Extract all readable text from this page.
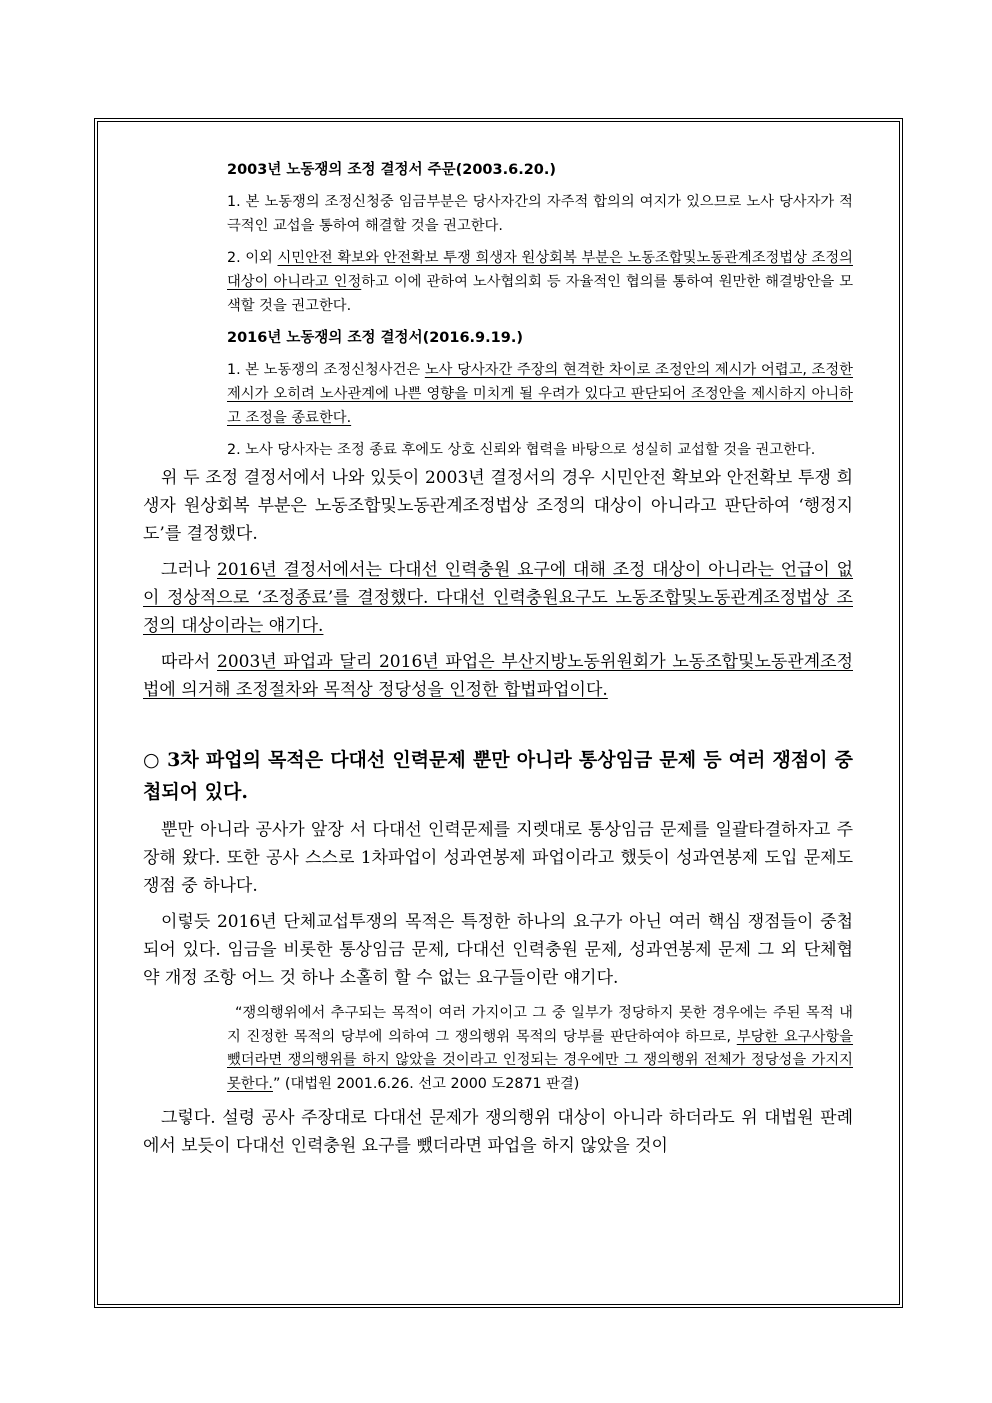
2003년 노동쟁의 조정 결정서 주문(2003.6.20.)

1. 본 노동쟁의 조정신청중 임금부분은 당사자간의 자주적 합의의 여지가 있으므로 노사 당사자가 적극적인 교섭을 통하여 해결할 것을 권고한다.

2. 이외 시민안전 확보와 안전확보 투쟁 희생자 원상회복 부분은 노동조합및노동관계조정법상 조정의 대상이 아니라고 인정하고 이에 관하여 노사협의회 등 자율적인 협의를 통하여 원만한 해결방안을 모색할 것을 권고한다.

2016년 노동쟁의 조정 결정서(2016.9.19.)

1. 본 노동쟁의 조정신청사건은 노사 당사자간 주장의 현격한 차이로 조정안의 제시가 어렵고, 조정한 제시가 오히려 노사관계에 나쁜 영향을 미치게 될 우려가 있다고 판단되어 조정안을 제시하지 아니하고 조정을 종료한다.

2. 노사 당사자는 조정 종료 후에도 상호 신뢰와 협력을 바탕으로 성실히 교섭할 것을 권고한다.

위 두 조정 결정서에서 나와 있듯이 2003년 결정서의 경우 시민안전 확보와 안전확보 투쟁 희생자 원상회복 부분은 노동조합및노동관계조정법상 조정의 대상이 아니라고 판단하여 ‘행정지도’를 결정했다.

그러나 2016년 결정서에서는 다대선 인력충원 요구에 대해 조정 대상이 아니라는 언급이 없이 정상적으로 ‘조정종료’를 결정했다. 다대선 인력충원요구도 노동조합및노동관계조정법상 조정의 대상이라는 얘기다.

따라서 2003년 파업과 달리 2016년 파업은 부산지방노동위원회가 노동조합및노동관계조정법에 의거해 조정절차와 목적상 정당성을 인정한 합법파업이다.

○ 3차 파업의 목적은 다대선 인력문제 뿐만 아니라 통상임금 문제 등 여러 쟁점이 중첩되어 있다.

뿐만 아니라 공사가 앞장 서 다대선 인력문제를 지렛대로 통상임금 문제를 일괄타결하자고 주장해 왔다. 또한 공사 스스로 1차파업이 성과연봉제 파업이라고 했듯이 성과연봉제 도입 문제도 쟁점 중 하나다.

이렇듯 2016년 단체교섭투쟁의 목적은 특정한 하나의 요구가 아닌 여러 핵심 쟁점들이 중첩되어 있다. 임금을 비롯한 통상임금 문제, 다대선 인력충원 문제, 성과연봉제 문제 그 외 단체협약 개정 조항 어느 것 하나 소홀히 할 수 없는 요구들이란 얘기다.

“쟁의행위에서 추구되는 목적이 여러 가지이고 그 중 일부가 정당하지 못한 경우에는 주된 목적 내지 진정한 목적의 당부에 의하여 그 쟁의행위 목적의 당부를 판단하여야 하므로, 부당한 요구사항을 뺐더라면 쟁의행위를 하지 않았을 것이라고 인정되는 경우에만 그 쟁의행위 전체가 정당성을 가지지 못한다.” (대법원 2001.6.26. 선고 2000 도2871 판결)

그렇다. 설령 공사 주장대로 다대선 문제가 쟁의행위 대상이 아니라 하더라도 위 대법원 판례에서 보듯이 다대선 인력충원 요구를 뺐더라면 파업을 하지 않았을 것이
